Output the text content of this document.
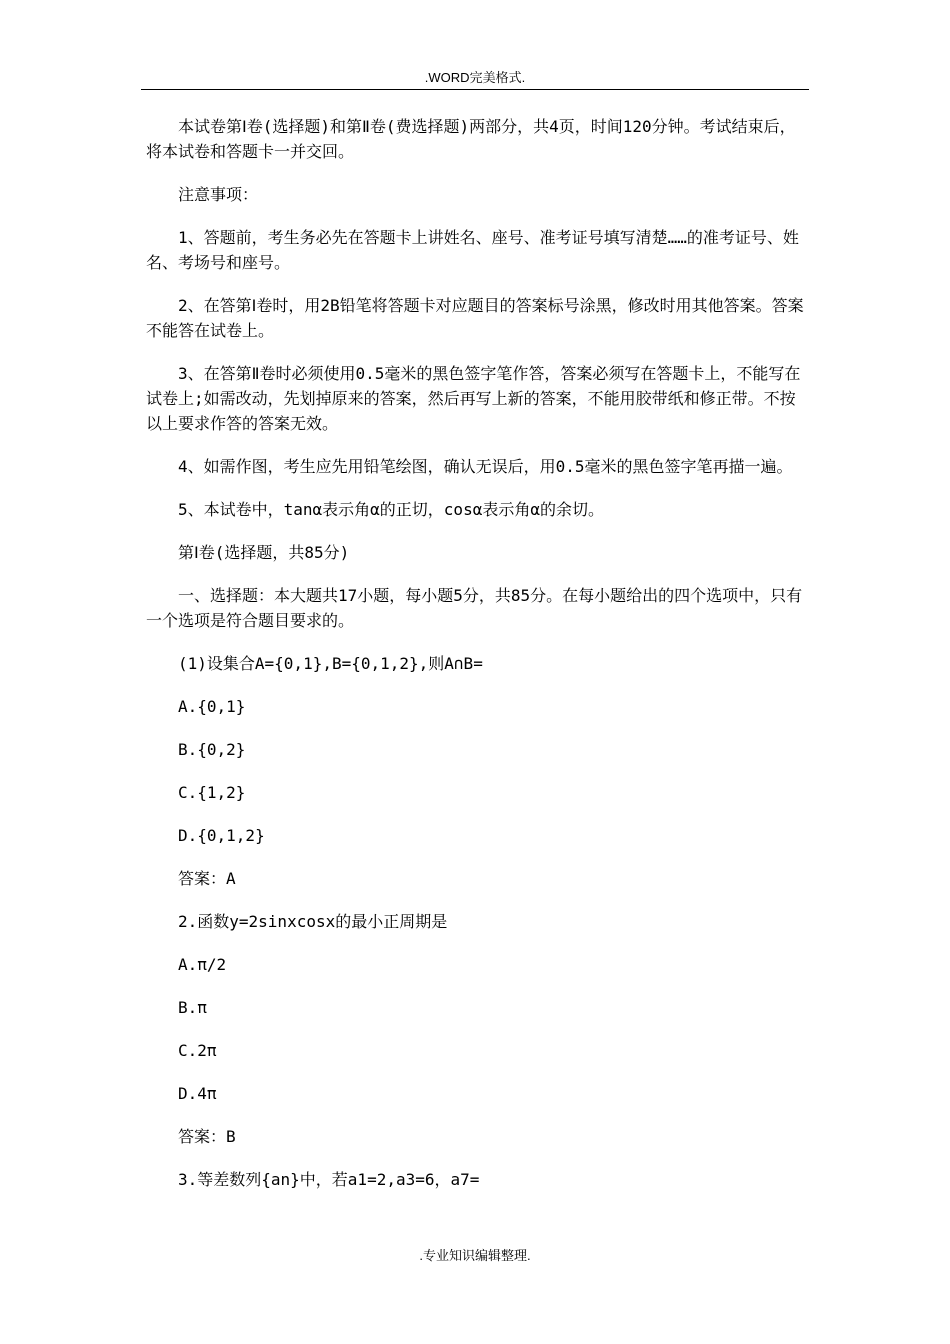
.WORD完美格式.

本试卷第Ⅰ卷(选择题)和第Ⅱ卷(费选择题)两部分，共4页，时间120分钟。考试结束后，将本试卷和答题卡一并交回。

注意事项：

1、答题前，考生务必先在答题卡上讲姓名、座号、准考证号填写清楚……的准考证号、姓名、考场号和座号。

2、在答第Ⅰ卷时，用2B铅笔将答题卡对应题目的答案标号涂黑，修改时用其他答案。答案不能答在试卷上。

3、在答第Ⅱ卷时必须使用0.5毫米的黑色签字笔作答，答案必须写在答题卡上，不能写在试卷上;如需改动，先划掉原来的答案，然后再写上新的答案，不能用胶带纸和修正带。不按以上要求作答的答案无效。

4、如需作图，考生应先用铅笔绘图，确认无误后，用0.5毫米的黑色签字笔再描一遍。

5、本试卷中，tanα表示角α的正切，cosα表示角α的余切。

第Ⅰ卷(选择题，共85分)

一、选择题：本大题共17小题，每小题5分，共85分。在每小题给出的四个选项中，只有一个选项是符合题目要求的。

(1)设集合A={0,1},B={0,1,2},则A∩B=

A.{0,1}

B.{0,2}

C.{1,2}

D.{0,1,2}

答案：A

2.函数y=2sinxcosx的最小正周期是

A.π/2

B.π

C.2π

D.4π

答案：B

3.等差数列{an}中，若a1=2,a3=6，a7=

.专业知识编辑整理.
